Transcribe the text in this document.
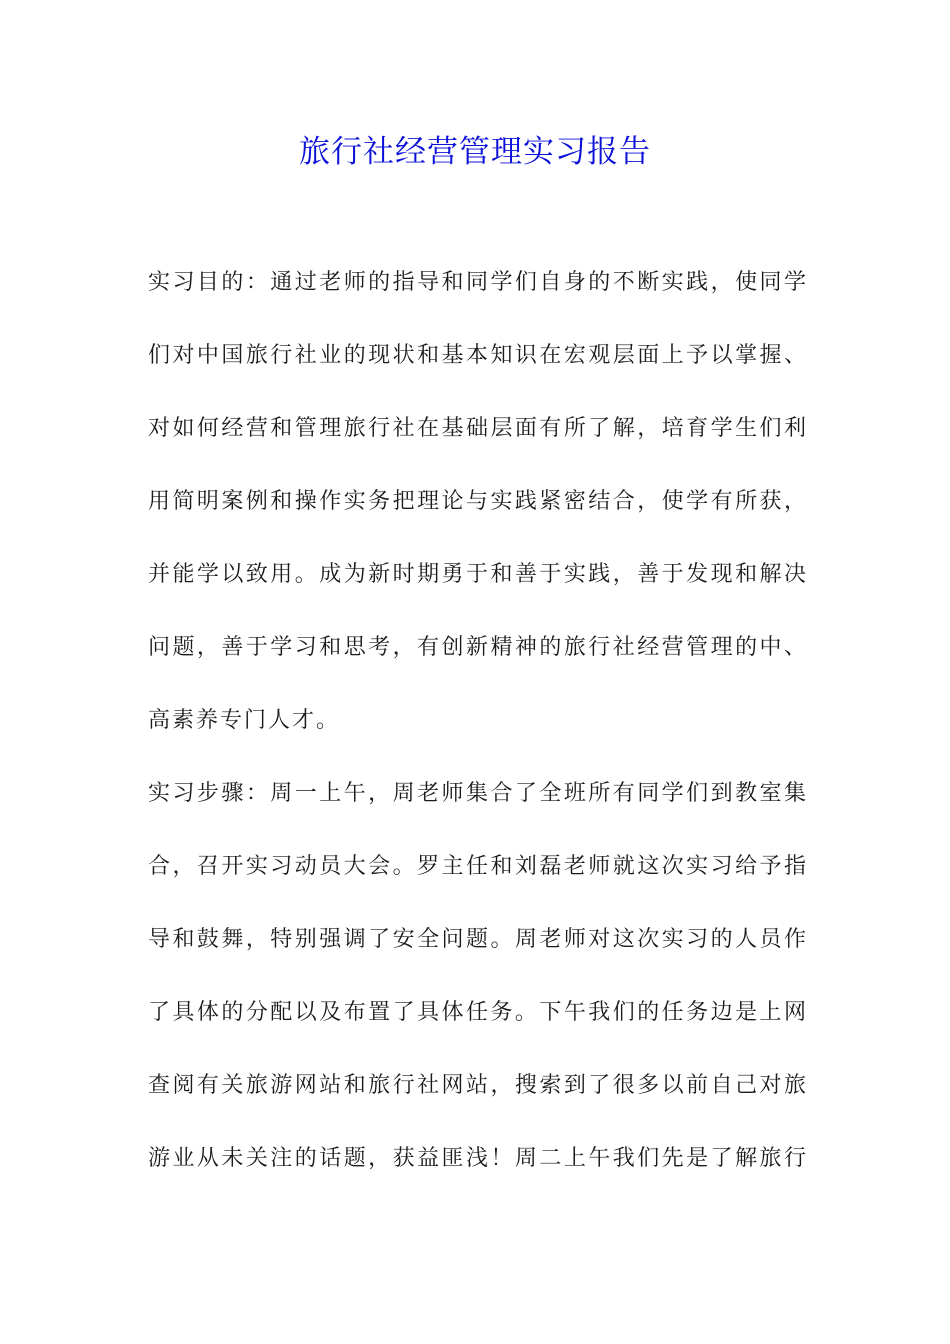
旅行社经营管理实习报告
实习目的：通过老师的指导和同学们自身的不断实践，使同学
们对中国旅行社业的现状和基本知识在宏观层面上予以掌握、
对如何经营和管理旅行社在基础层面有所了解，培育学生们利
用简明案例和操作实务把理论与实践紧密结合，使学有所获，
并能学以致用。成为新时期勇于和善于实践，善于发现和解决
问题，善于学习和思考，有创新精神的旅行社经营管理的中、
高素养专门人才。
实习步骤：周一上午，周老师集合了全班所有同学们到教室集
合，召开实习动员大会。罗主任和刘磊老师就这次实习给予指
导和鼓舞，特别强调了安全问题。周老师对这次实习的人员作
了具体的分配以及布置了具体任务。下午我们的任务边是上网
查阅有关旅游网站和旅行社网站，搜索到了很多以前自己对旅
游业从未关注的话题，获益匪浅！周二上午我们先是了解旅行
